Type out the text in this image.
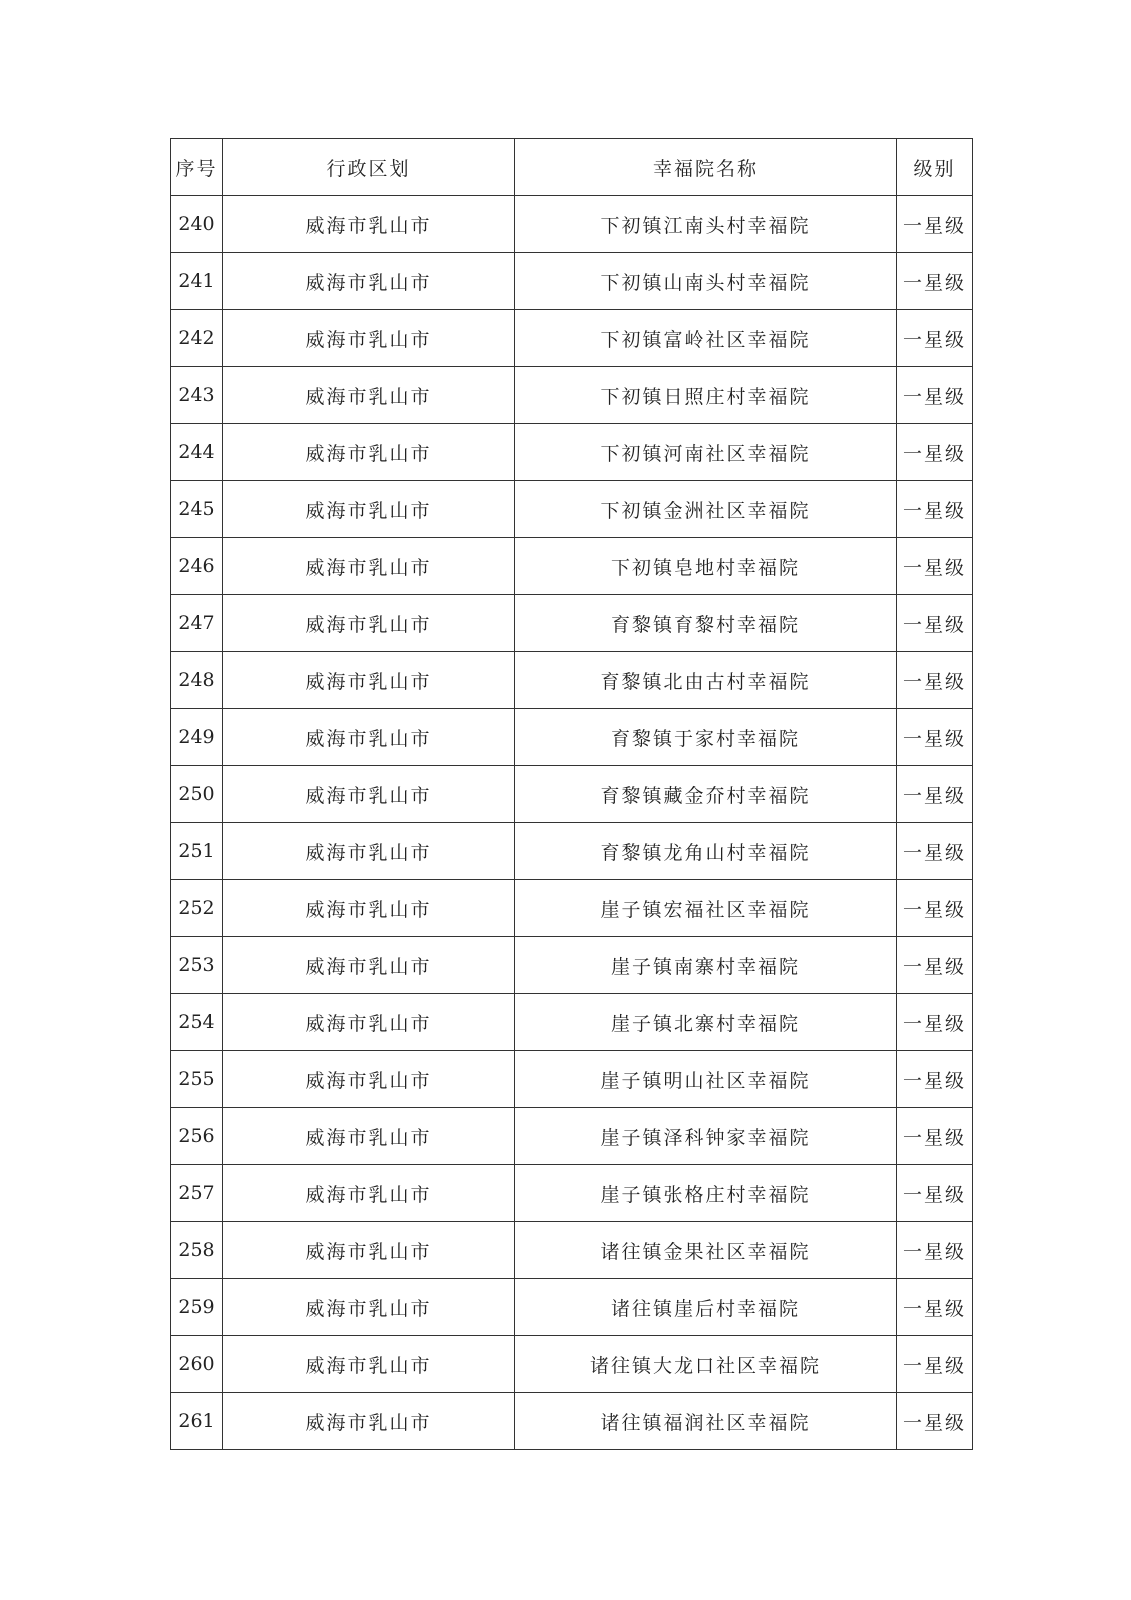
序号	行政区划	幸福院名称	级别
240	威海市乳山市	下初镇江南头村幸福院	一星级
241	威海市乳山市	下初镇山南头村幸福院	一星级
242	威海市乳山市	下初镇富岭社区幸福院	一星级
243	威海市乳山市	下初镇日照庄村幸福院	一星级
244	威海市乳山市	下初镇河南社区幸福院	一星级
245	威海市乳山市	下初镇金洲社区幸福院	一星级
246	威海市乳山市	下初镇皂地村幸福院	一星级
247	威海市乳山市	育黎镇育黎村幸福院	一星级
248	威海市乳山市	育黎镇北由古村幸福院	一星级
249	威海市乳山市	育黎镇于家村幸福院	一星级
250	威海市乳山市	育黎镇藏金夼村幸福院	一星级
251	威海市乳山市	育黎镇龙角山村幸福院	一星级
252	威海市乳山市	崖子镇宏福社区幸福院	一星级
253	威海市乳山市	崖子镇南寨村幸福院	一星级
254	威海市乳山市	崖子镇北寨村幸福院	一星级
255	威海市乳山市	崖子镇明山社区幸福院	一星级
256	威海市乳山市	崖子镇泽科钟家幸福院	一星级
257	威海市乳山市	崖子镇张格庄村幸福院	一星级
258	威海市乳山市	诸往镇金果社区幸福院	一星级
259	威海市乳山市	诸往镇崖后村幸福院	一星级
260	威海市乳山市	诸往镇大龙口社区幸福院	一星级
261	威海市乳山市	诸往镇福润社区幸福院	一星级
